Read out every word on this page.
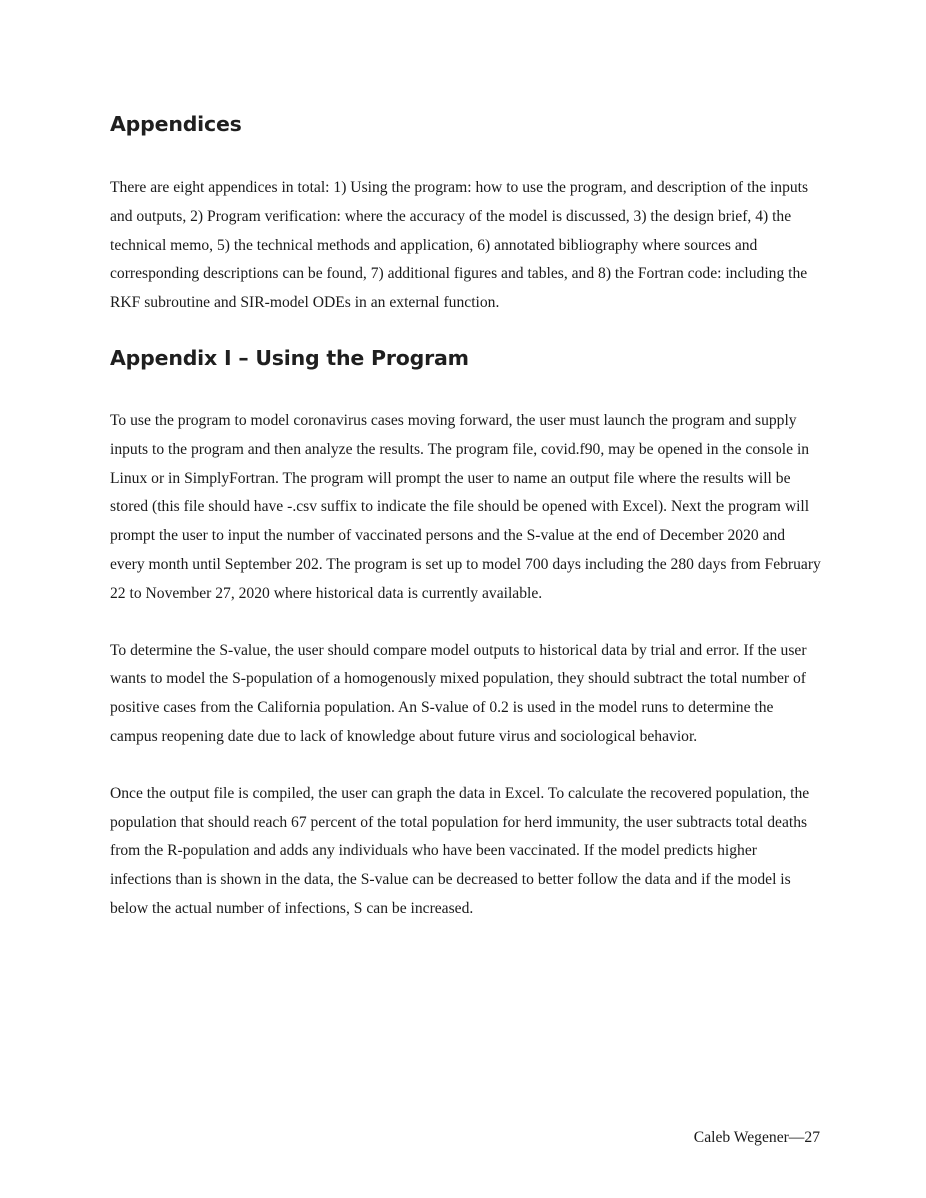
Appendices

There are eight appendices in total: 1) Using the program: how to use the program, and description of the inputs and outputs, 2) Program verification: where the accuracy of the model is discussed, 3) the design brief, 4) the technical memo, 5) the technical methods and application, 6) annotated bibliography where sources and corresponding descriptions can be found, 7) additional figures and tables, and 8) the Fortran code: including the RKF subroutine and SIR-model ODEs in an external function.

Appendix I – Using the Program

To use the program to model coronavirus cases moving forward, the user must launch the program and supply inputs to the program and then analyze the results. The program file, covid.f90, may be opened in the console in Linux or in SimplyFortran. The program will prompt the user to name an output file where the results will be stored (this file should have -.csv suffix to indicate the file should be opened with Excel). Next the program will prompt the user to input the number of vaccinated persons and the S-value at the end of December 2020 and every month until September 202. The program is set up to model 700 days including the 280 days from February 22 to November 27, 2020 where historical data is currently available.

To determine the S-value, the user should compare model outputs to historical data by trial and error. If the user wants to model the S-population of a homogenously mixed population, they should subtract the total number of positive cases from the California population. An S-value of 0.2 is used in the model runs to determine the campus reopening date due to lack of knowledge about future virus and sociological behavior.

Once the output file is compiled, the user can graph the data in Excel. To calculate the recovered population, the population that should reach 67 percent of the total population for herd immunity, the user subtracts total deaths from the R-population and adds any individuals who have been vaccinated. If the model predicts higher infections than is shown in the data, the S-value can be decreased to better follow the data and if the model is below the actual number of infections, S can be increased.

Caleb Wegener—27
